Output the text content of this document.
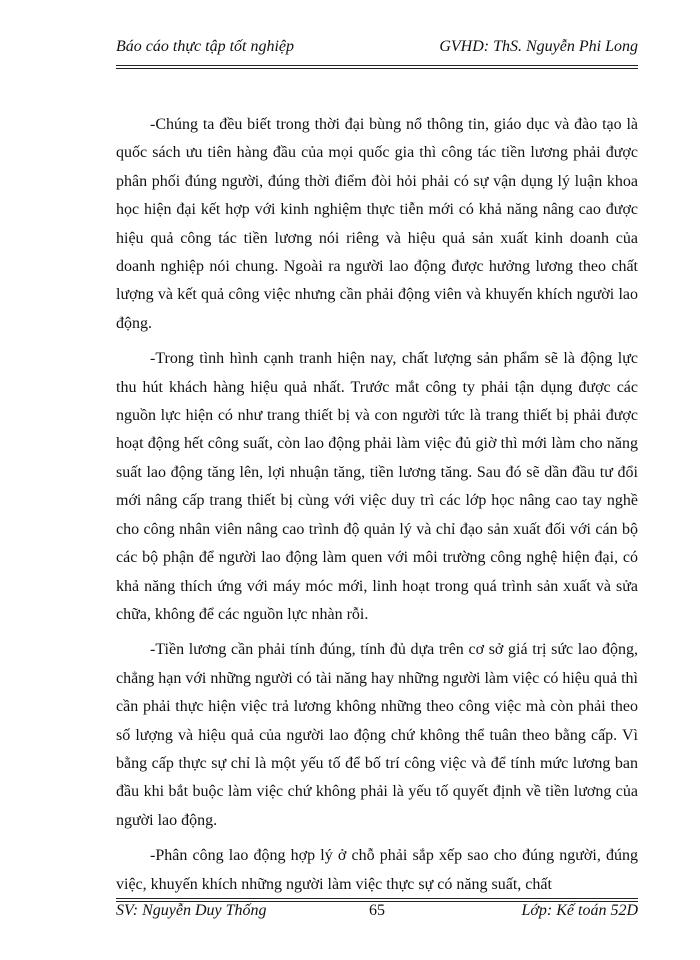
Báo cáo thực tập tốt nghiệp	GVHD: ThS. Nguyễn Phi Long

-Chúng ta đều biết trong thời đại bùng nổ thông tin, giáo dục và đào tạo là quốc sách ưu tiên hàng đầu của mọi quốc gia thì công tác tiền lương phải được phân phối đúng người, đúng thời điểm đòi hỏi phải có sự vận dụng lý luận khoa học hiện đại kết hợp với kinh nghiệm thực tiễn mới có khả năng nâng cao được hiệu quả công tác tiền lương nói riêng và hiệu quả sản xuất kinh doanh của doanh nghiệp nói chung. Ngoài ra người lao động được hưởng lương theo chất lượng và kết quả công việc nhưng cần phải động viên và khuyến khích người lao động.

-Trong tình hình cạnh tranh hiện nay, chất lượng sản phẩm sẽ là động lực thu hút khách hàng hiệu quả nhất. Trước mắt công ty phải tận dụng được các nguồn lực hiện có như trang thiết bị và con người tức là trang thiết bị phải được hoạt động hết công suất, còn lao động phải làm việc đủ giờ thì mới làm cho năng suất lao động tăng lên, lợi nhuận tăng, tiền lương tăng. Sau đó sẽ dần đầu tư đổi mới nâng cấp trang thiết bị cùng với việc duy trì các lớp học nâng cao tay nghề cho công nhân viên nâng cao trình độ quản lý và chỉ đạo sản xuất đối với cán bộ các bộ phận để người lao động làm quen với môi trường công nghệ hiện đại, có khả năng thích ứng với máy móc mới, linh hoạt trong quá trình sản xuất và sửa chữa, không để các nguồn lực nhàn rỗi.

-Tiền lương cần phải tính đúng, tính đủ dựa trên cơ sở giá trị sức lao động, chẳng hạn với những người có tài năng hay những người làm việc có hiệu quả thì cần phải thực hiện việc trả lương không những theo công việc mà còn phải theo số lượng và hiệu quả của người lao động chứ không thể tuân theo bằng cấp. Vì bằng cấp thực sự chỉ là một yếu tố để bố trí công việc và để tính mức lương ban đầu khi bắt buộc làm việc chứ không phải là yếu tố quyết định về tiền lương của người lao động.

-Phân công lao động hợp lý ở chỗ phải sắp xếp sao cho đúng người, đúng việc, khuyến khích những người làm việc thực sự có năng suất, chất

SV: Nguyễn Duy Thống	65	Lớp: Kế toán 52D
